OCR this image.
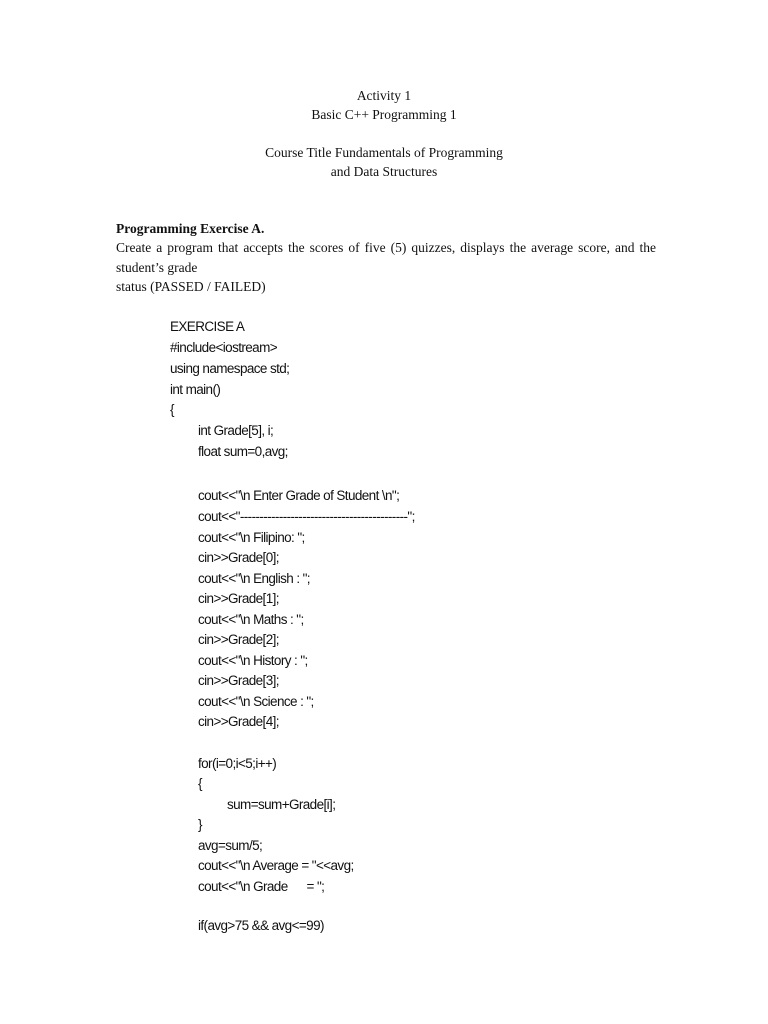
Activity 1
Basic C++ Programming 1
Course Title Fundamentals of Programming
and Data Structures
Programming Exercise A.
Create a program that accepts the scores of five (5) quizzes, displays the average score, and the
student’s grade
status (PASSED / FAILED)
EXERCISE A
#include<iostream>
using namespace std;
int main()
{
int Grade[5], i;
float sum=0,avg;
cout<<"\n Enter Grade of Student \n";
cout<<"-------------------------------------------";
cout<<"\n Filipino: ";
cin>>Grade[0];
cout<<"\n English : ";
cin>>Grade[1];
cout<<"\n Maths : ";
cin>>Grade[2];
cout<<"\n History : ";
cin>>Grade[3];
cout<<"\n Science : ";
cin>>Grade[4];
for(i=0;i<5;i++)
{
sum=sum+Grade[i];
}
avg=sum/5;
cout<<"\n Average = "<<avg;
cout<<"\n Grade      = ";
if(avg>75 && avg<=99)
